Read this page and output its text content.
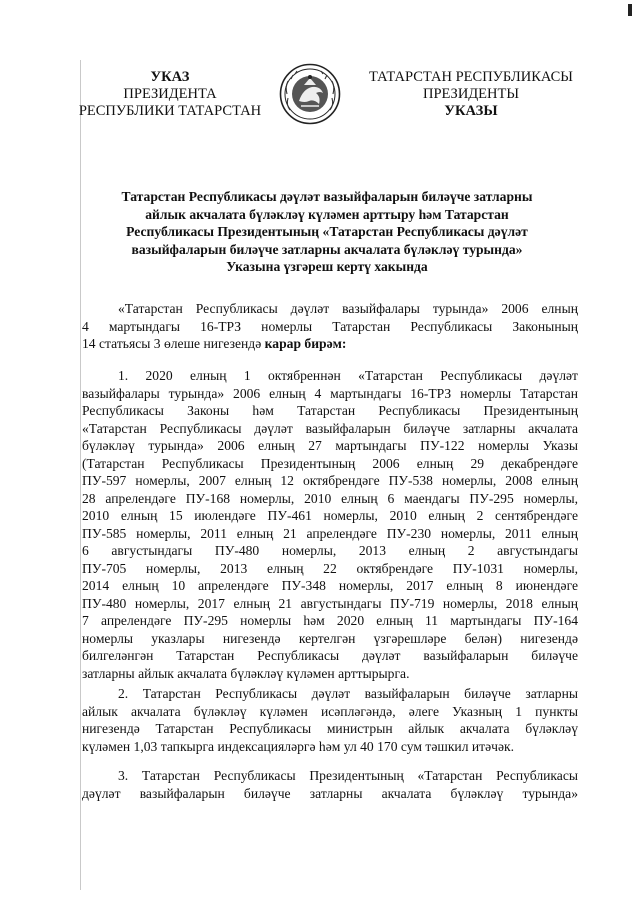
УКАЗ
ПРЕЗИДЕНТА
РЕСПУБЛИКИ ТАТАРСТАН
ТАТАРСТАН РЕСПУБЛИКАСЫ
ПРЕЗИДЕНТЫ
УКАЗЫ
Татарстан Республикасы дәүләт вазыйфаларын биләүче затларны
айлык акчалата бүләкләү күләмен арттыру һәм Татарстан
Республикасы Президентының «Татарстан Республикасы дәүләт
вазыйфаларын биләүче затларны акчалата бүләкләү турында»
Указына үзгәреш кертү хакында
«Татарстан Республикасы дәүләт вазыйфалары турында» 2006 елның
4 мартындагы 16-ТРЗ номерлы Татарстан Республикасы Законының
14 статьясы 3 өлеше нигезендә карар бирәм:
1. 2020 елның 1 октябреннән «Татарстан Республикасы дәүләт
вазыйфалары турында» 2006 елның 4 мартындагы 16-ТРЗ номерлы Татарстан
Республикасы Законы һәм Татарстан Республикасы Президентының
«Татарстан Республикасы дәүләт вазыйфаларын биләүче затларны акчалата
бүләкләү турында» 2006 елның 27 мартындагы ПУ-122 номерлы Указы
(Татарстан Республикасы Президентының 2006 елның 29 декабрендәге
ПУ-597 номерлы, 2007 елның 12 октябрендәге ПУ-538 номерлы, 2008 елның
28 апрелендәге ПУ-168 номерлы, 2010 елның 6 маендагы ПУ-295 номерлы,
2010 елның 15 июлендәге ПУ-461 номерлы, 2010 елның 2 сентябрендәге
ПУ-585 номерлы, 2011 елның 21 апрелендәге ПУ-230 номерлы, 2011 елның
6 августындагы ПУ-480 номерлы, 2013 елның 2 августындагы
ПУ-705 номерлы, 2013 елның 22 октябрендәге ПУ-1031 номерлы,
2014 елның 10 апрелендәге ПУ-348 номерлы, 2017 елның 8 июнендәге
ПУ-480 номерлы, 2017 елның 21 августындагы ПУ-719 номерлы, 2018 елның
7 апрелендәге ПУ-295 номерлы һәм 2020 елның 11 мартындагы ПУ-164
номерлы указлары нигезендә кертелгән үзгәрешләре белән) нигезендә
билгеләнгән Татарстан Республикасы дәүләт вазыйфаларын биләүче
затларны айлык акчалата бүләкләү күләмен арттырырга.
2. Татарстан Республикасы дәүләт вазыйфаларын биләүче затларны
айлык акчалата бүләкләү күләмен исәпләгәндә, әлеге Указның 1 пункты
нигезендә Татарстан Республикасы министрын айлык акчалата бүләкләү
күләмен 1,03 тапкырга индексацияләргә һәм ул 40 170 сум тәшкил итәчәк.
3. Татарстан Республикасы Президентының «Татарстан Республикасы
дәүләт вазыйфаларын биләүче затларны акчалата бүләкләү турында»
